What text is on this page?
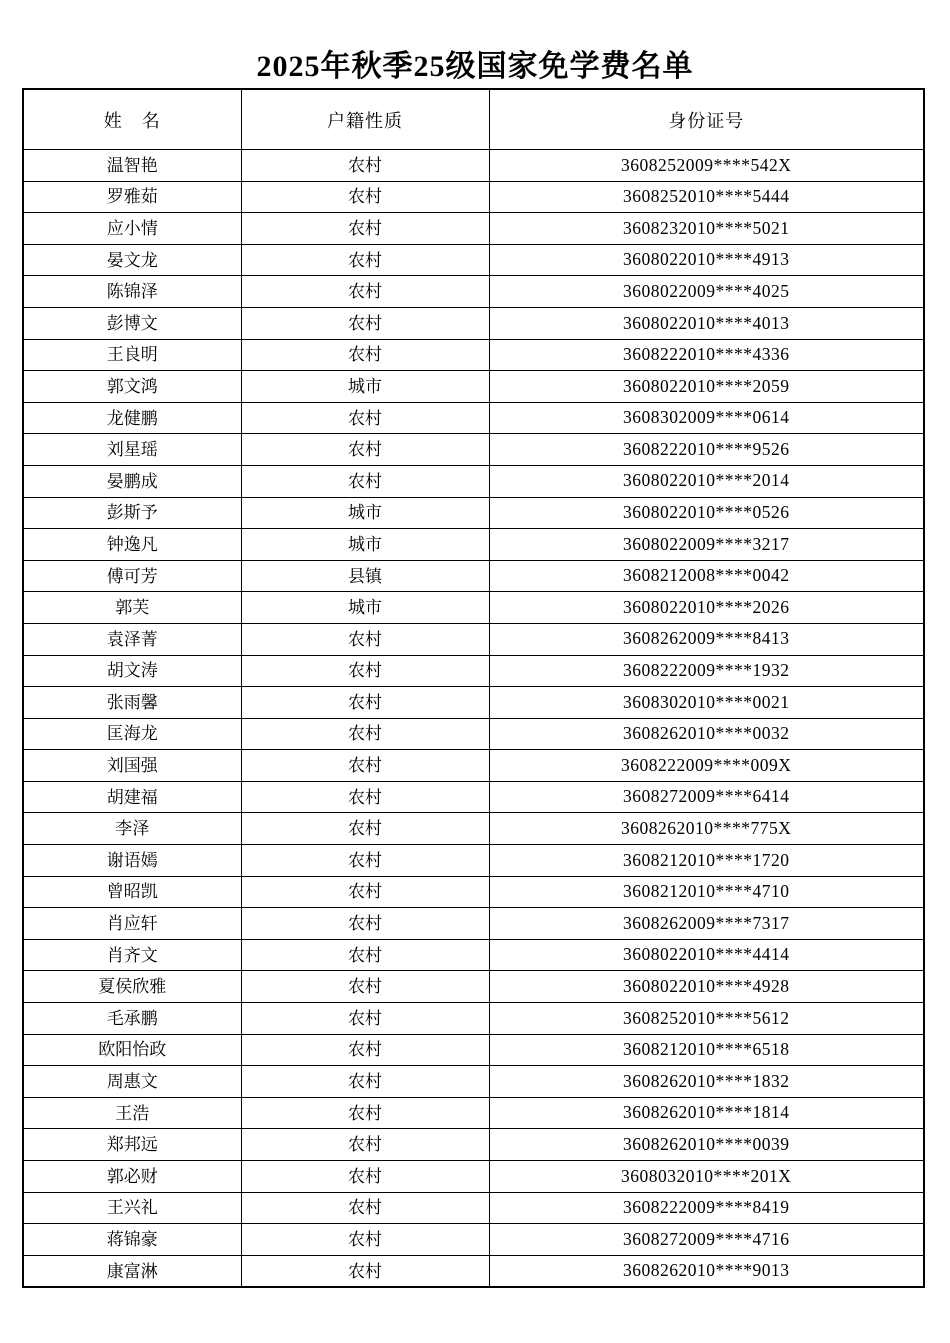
2025年秋季25级国家免学费名单
姓　名	户籍性质	身份证号
温智艳	农村	3608252009****542X
罗雅茹	农村	3608252010****5444
应小情	农村	3608232010****5021
晏文龙	农村	3608022010****4913
陈锦泽	农村	3608022009****4025
彭博文	农村	3608022010****4013
王良明	农村	3608222010****4336
郭文鸿	城市	3608022010****2059
龙健鹏	农村	3608302009****0614
刘星瑶	农村	3608222010****9526
晏鹏成	农村	3608022010****2014
彭斯予	城市	3608022010****0526
钟逸凡	城市	3608022009****3217
傅可芳	县镇	3608212008****0042
郭芙	城市	3608022010****2026
袁泽菁	农村	3608262009****8413
胡文涛	农村	3608222009****1932
张雨馨	农村	3608302010****0021
匡海龙	农村	3608262010****0032
刘国强	农村	3608222009****009X
胡建福	农村	3608272009****6414
李泽	农村	3608262010****775X
谢语嫣	农村	3608212010****1720
曾昭凯	农村	3608212010****4710
肖应轩	农村	3608262009****7317
肖齐文	农村	3608022010****4414
夏侯欣雅	农村	3608022010****4928
毛承鹏	农村	3608252010****5612
欧阳怡政	农村	3608212010****6518
周惠文	农村	3608262010****1832
王浩	农村	3608262010****1814
郑邦远	农村	3608262010****0039
郭必财	农村	3608032010****201X
王兴礼	农村	3608222009****8419
蒋锦豪	农村	3608272009****4716
康富淋	农村	3608262010****9013
